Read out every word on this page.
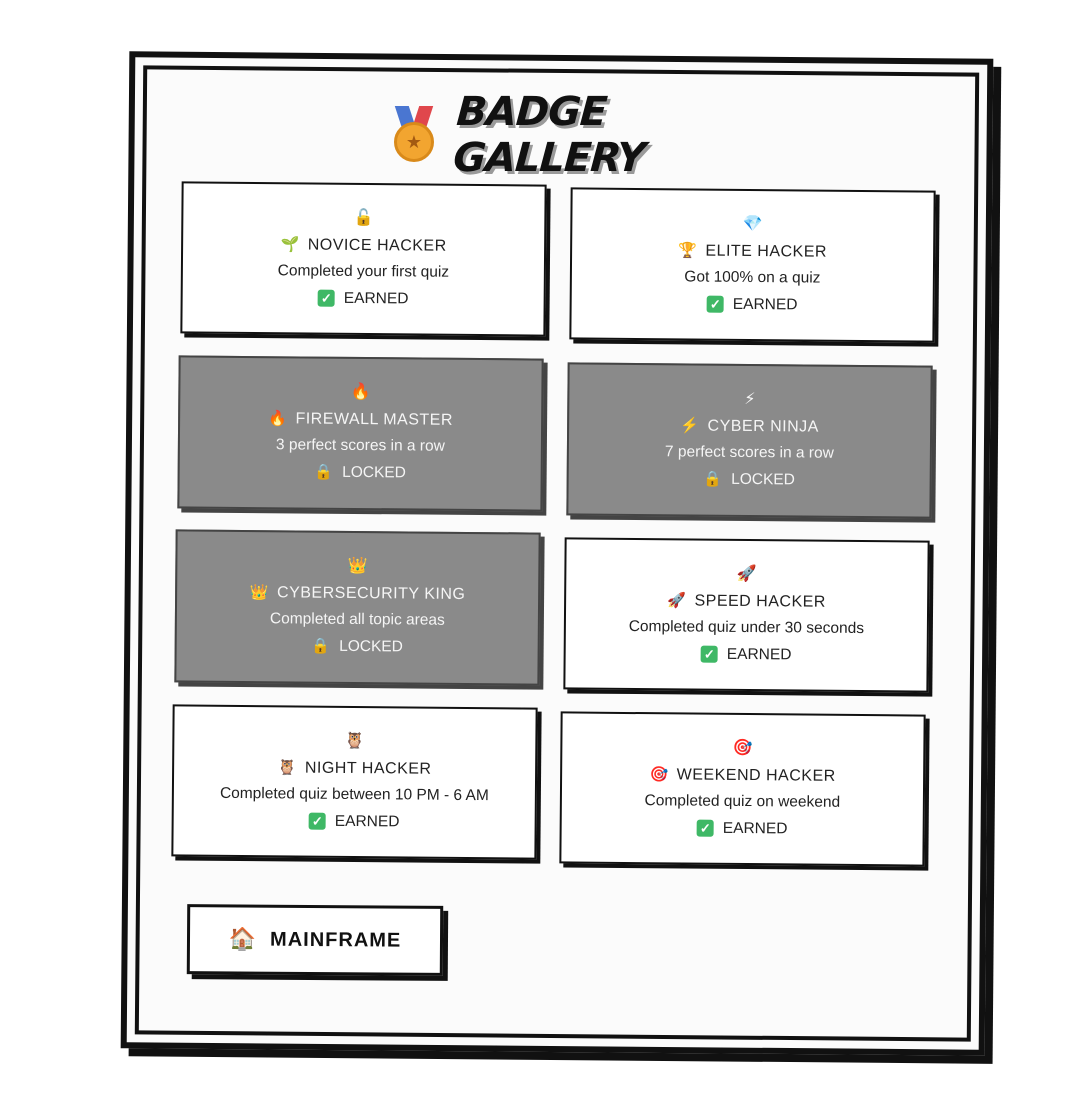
★
BADGE GALLERY
🔓
🌱 NOVICE HACKER
Completed your first quiz
✓ EARNED
💎
🏆 ELITE HACKER
Got 100% on a quiz
✓ EARNED
🔥
🔥 FIREWALL MASTER
3 perfect scores in a row
🔒 LOCKED
⚡
⚡ CYBER NINJA
7 perfect scores in a row
🔒 LOCKED
👑
👑 CYBERSECURITY KING
Completed all topic areas
🔒 LOCKED
🚀
🚀 SPEED HACKER
Completed quiz under 30 seconds
✓ EARNED
🦉
🦉 NIGHT HACKER
Completed quiz between 10 PM - 6 AM
✓ EARNED
🎯
🎯 WEEKEND HACKER
Completed quiz on weekend
✓ EARNED
🏠 MAINFRAME
